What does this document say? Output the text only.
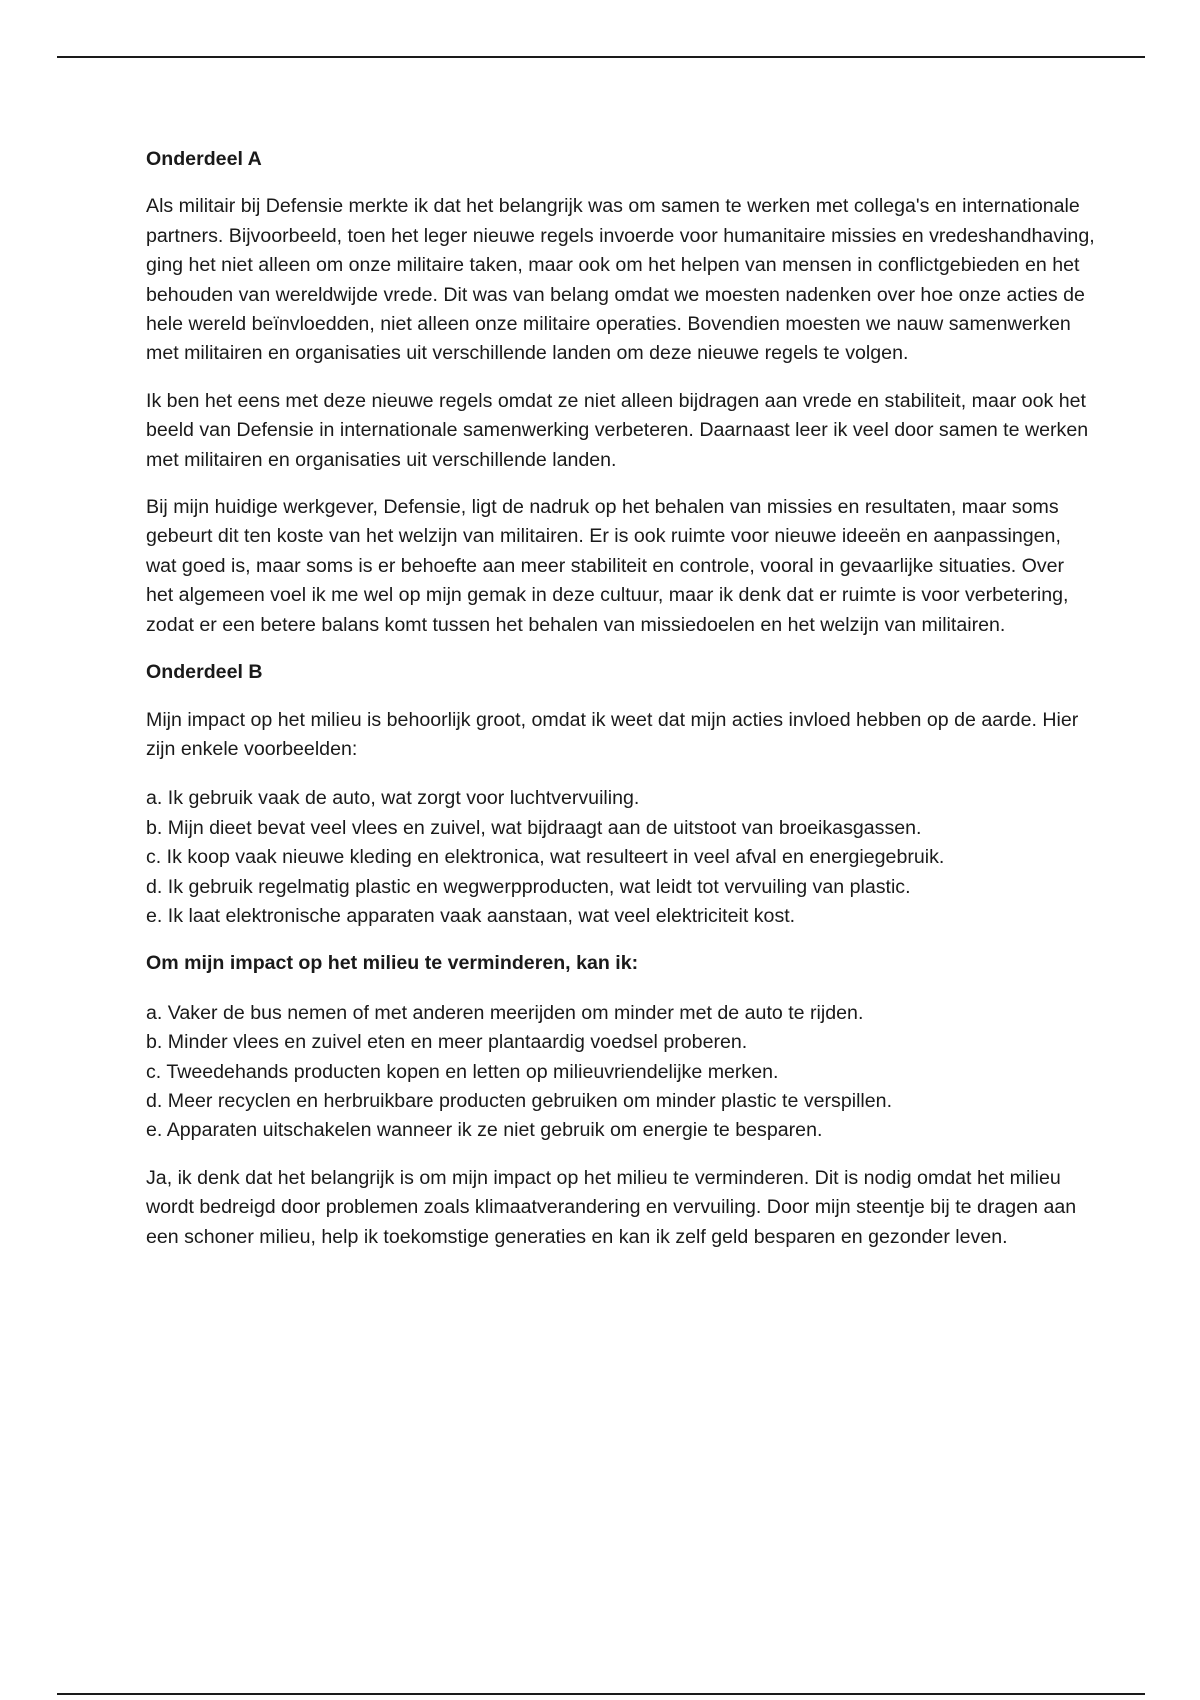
Onderdeel A
Als militair bij Defensie merkte ik dat het belangrijk was om samen te werken met collega's en internationale partners. Bijvoorbeeld, toen het leger nieuwe regels invoerde voor humanitaire missies en vredeshandhaving, ging het niet alleen om onze militaire taken, maar ook om het helpen van mensen in conflictgebieden en het behouden van wereldwijde vrede. Dit was van belang omdat we moesten nadenken over hoe onze acties de hele wereld beïnvloedden, niet alleen onze militaire operaties. Bovendien moesten we nauw samenwerken met militairen en organisaties uit verschillende landen om deze nieuwe regels te volgen.
Ik ben het eens met deze nieuwe regels omdat ze niet alleen bijdragen aan vrede en stabiliteit, maar ook het beeld van Defensie in internationale samenwerking verbeteren. Daarnaast leer ik veel door samen te werken met militairen en organisaties uit verschillende landen.
Bij mijn huidige werkgever, Defensie, ligt de nadruk op het behalen van missies en resultaten, maar soms gebeurt dit ten koste van het welzijn van militairen. Er is ook ruimte voor nieuwe ideeën en aanpassingen, wat goed is, maar soms is er behoefte aan meer stabiliteit en controle, vooral in gevaarlijke situaties. Over het algemeen voel ik me wel op mijn gemak in deze cultuur, maar ik denk dat er ruimte is voor verbetering, zodat er een betere balans komt tussen het behalen van missiedoelen en het welzijn van militairen.
Onderdeel B
Mijn impact op het milieu is behoorlijk groot, omdat ik weet dat mijn acties invloed hebben op de aarde. Hier zijn enkele voorbeelden:
a. Ik gebruik vaak de auto, wat zorgt voor luchtvervuiling.
b. Mijn dieet bevat veel vlees en zuivel, wat bijdraagt aan de uitstoot van broeikasgassen.
c. Ik koop vaak nieuwe kleding en elektronica, wat resulteert in veel afval en energiegebruik.
d. Ik gebruik regelmatig plastic en wegwerpproducten, wat leidt tot vervuiling van plastic.
e. Ik laat elektronische apparaten vaak aanstaan, wat veel elektriciteit kost.
Om mijn impact op het milieu te verminderen, kan ik:
a. Vaker de bus nemen of met anderen meerijden om minder met de auto te rijden.
b. Minder vlees en zuivel eten en meer plantaardig voedsel proberen.
c. Tweedehands producten kopen en letten op milieuvriendelijke merken.
d. Meer recyclen en herbruikbare producten gebruiken om minder plastic te verspillen.
e. Apparaten uitschakelen wanneer ik ze niet gebruik om energie te besparen.
Ja, ik denk dat het belangrijk is om mijn impact op het milieu te verminderen. Dit is nodig omdat het milieu wordt bedreigd door problemen zoals klimaatverandering en vervuiling. Door mijn steentje bij te dragen aan een schoner milieu, help ik toekomstige generaties en kan ik zelf geld besparen en gezonder leven.
